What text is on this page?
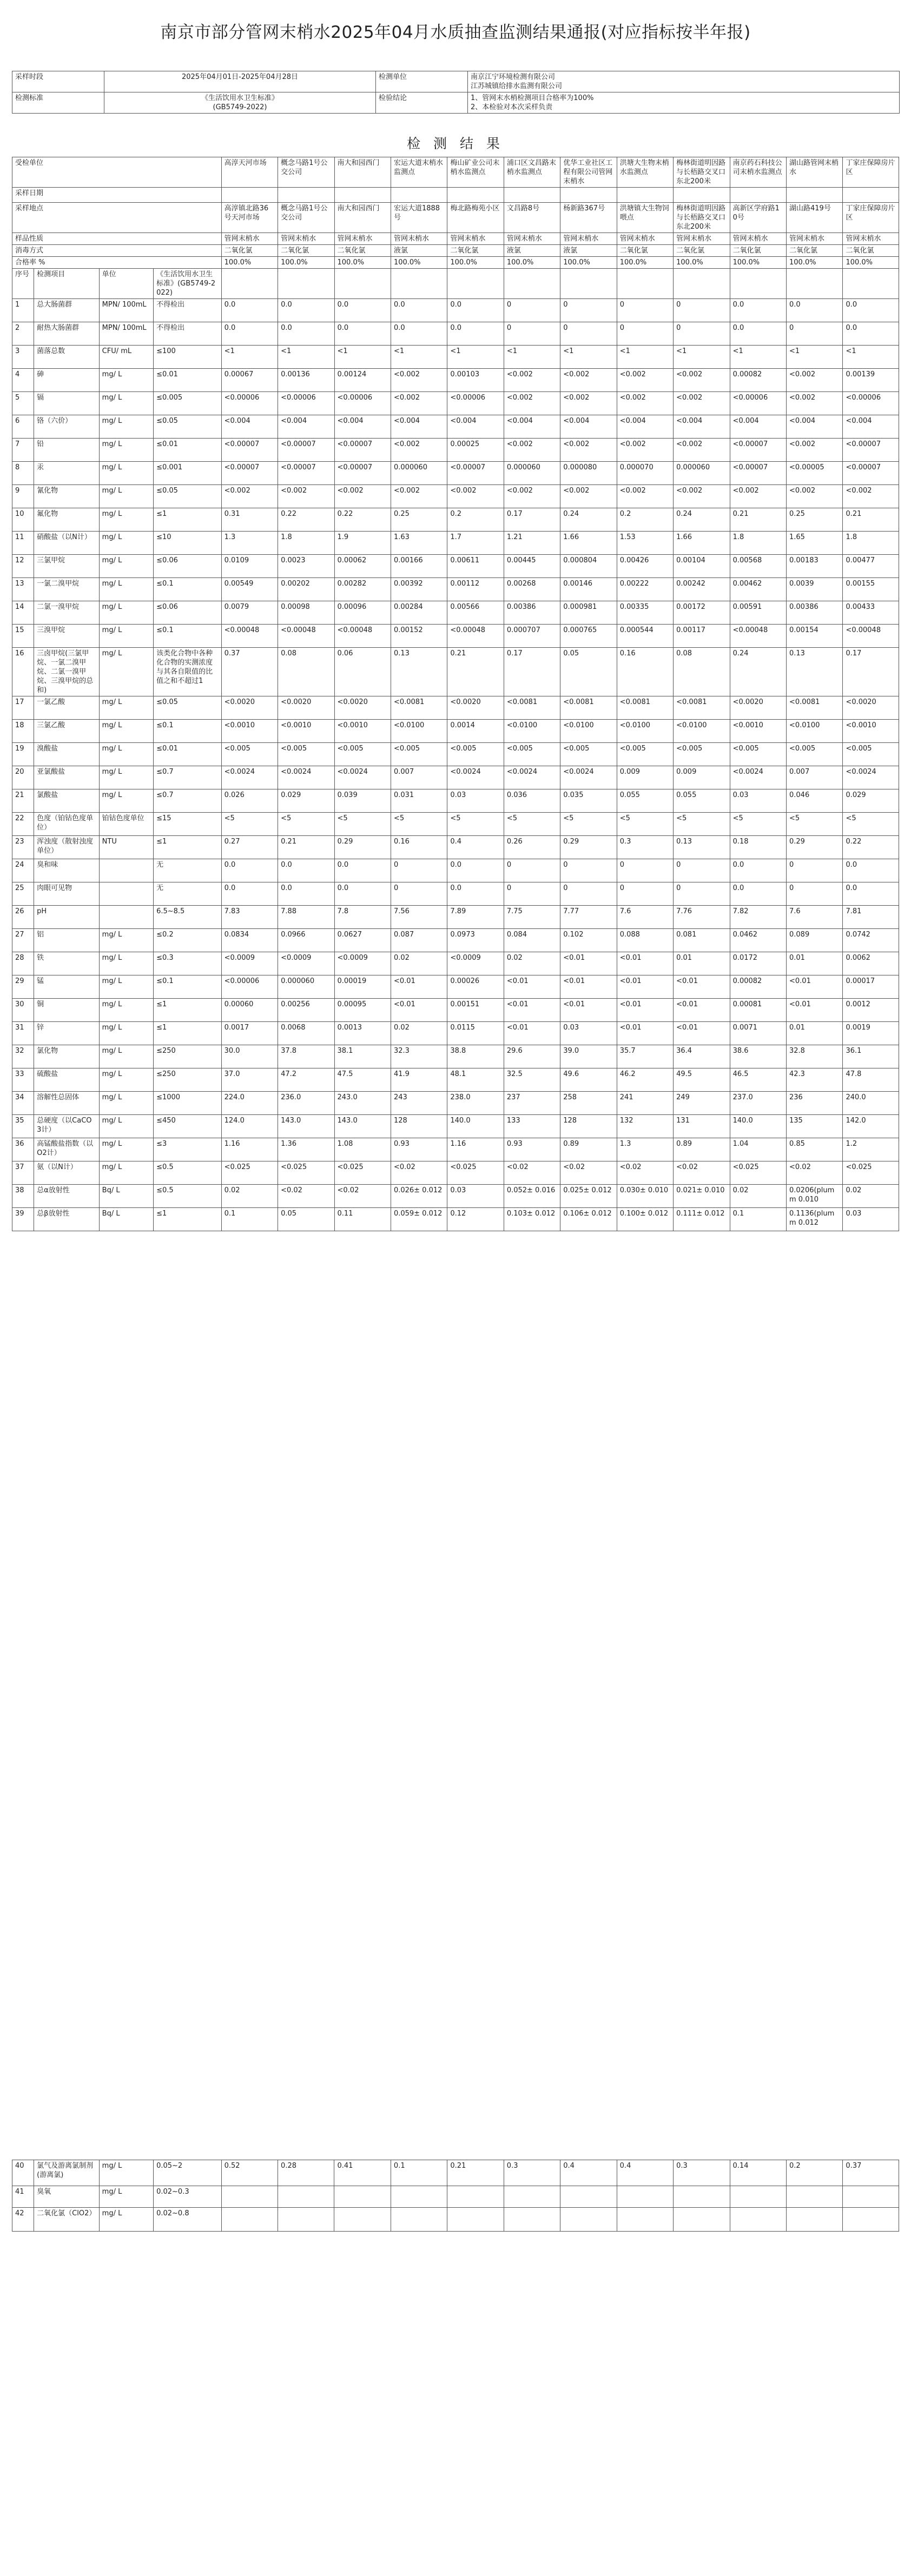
南京市部分管网末梢水2025年04月水质抽查监测结果通报(对应指标按半年报)
采样时段	2025年04月01日-2025年04月28日	检测单位	南京江宁环境检测有限公司
江苏城镇给排水监测有限公司
检测标准	《生活饮用水卫生标准》
(GB5749-2022)	检验结论	1、管网末水梢检测项目合格率为100%
2、本检验对本次采样负责
检 测 结 果
受检单位				高淳天河市场	概念马路1号公交公司	南大和园西门	宏运大道末梢水监测点	梅山矿业公司末梢水监测点	浦口区文昌路末梢水监测点	优华工业社区工程有限公司管网末梢水	洪塘大生物末梢水监测点	梅林街道明因路与长梧路交叉口东北200米	南京药石科技公司末梢水监测点	湖山路管网末梢水	丁家庄保障房片区
采样日期															
采样地点				高淳镇北路36号天河市场	概念马路1号公交公司	南大和园西门	宏运大道1888号	梅北路梅苑小区	文昌路8号	杨新路367号	洪塘镇大生物饲喂点	梅林街道明因路与长梧路交叉口东北200米	高新区学府路10号	湖山路419号	丁家庄保障房片区
样品性质				管网末梢水	管网末梢水	管网末梢水	管网末梢水	管网末梢水	管网末梢水	管网末梢水	管网末梢水	管网末梢水	管网末梢水	管网末梢水	管网末梢水
消毒方式				二氧化氯	二氧化氯	二氧化氯	液氯	二氧化氯	液氯	液氯	二氧化氯	二氧化氯	二氧化氯	二氧化氯	二氧化氯
合格率 %				100.0%	100.0%	100.0%	100.0%	100.0%	100.0%	100.0%	100.0%	100.0%	100.0%	100.0%	100.0%
序号	检测项目	单位	《生活饮用水卫生标准》(GB5749-2022)												
1	总大肠菌群	MPN/ 100mL	不得检出	0.0	0.0	0.0	0.0	0.0	0	0	0	0	0.0	0.0	0.0
2	耐热大肠菌群	MPN/ 100mL	不得检出	0.0	0.0	0.0	0.0	0.0	0	0	0	0	0.0	0	0.0
3	菌落总数	CFU/ mL	≤100	<1	<1	<1	<1	<1	<1	<1	<1	<1	<1	<1	<1
4	砷	mg/ L	≤0.01	0.00067	0.00136	0.00124	<0.002	0.00103	<0.002	<0.002	<0.002	<0.002	0.00082	<0.002	0.00139
5	镉	mg/ L	≤0.005	<0.00006	<0.00006	<0.00006	<0.002	<0.00006	<0.002	<0.002	<0.002	<0.002	<0.00006	<0.002	<0.00006
6	铬（六价）	mg/ L	≤0.05	<0.004	<0.004	<0.004	<0.004	<0.004	<0.004	<0.004	<0.004	<0.004	<0.004	<0.004	<0.004
7	铅	mg/ L	≤0.01	<0.00007	<0.00007	<0.00007	<0.002	0.00025	<0.002	<0.002	<0.002	<0.002	<0.00007	<0.002	<0.00007
8	汞	mg/ L	≤0.001	<0.00007	<0.00007	<0.00007	0.000060	<0.00007	0.000060	0.000080	0.000070	0.000060	<0.00007	<0.00005	<0.00007
9	氰化物	mg/ L	≤0.05	<0.002	<0.002	<0.002	<0.002	<0.002	<0.002	<0.002	<0.002	<0.002	<0.002	<0.002	<0.002
10	氟化物	mg/ L	≤1	0.31	0.22	0.22	0.25	0.2	0.17	0.24	0.2	0.24	0.21	0.25	0.21
11	硝酸盐（以N计）	mg/ L	≤10	1.3	1.8	1.9	1.63	1.7	1.21	1.66	1.53	1.66	1.8	1.65	1.8
12	三氯甲烷	mg/ L	≤0.06	0.0109	0.0023	0.00062	0.00166	0.00611	0.00445	0.000804	0.00426	0.00104	0.00568	0.00183	0.00477
13	一氯二溴甲烷	mg/ L	≤0.1	0.00549	0.00202	0.00282	0.00392	0.00112	0.00268	0.00146	0.00222	0.00242	0.00462	0.0039	0.00155
14	二氯一溴甲烷	mg/ L	≤0.06	0.0079	0.00098	0.00096	0.00284	0.00566	0.00386	0.000981	0.00335	0.00172	0.00591	0.00386	0.00433
15	三溴甲烷	mg/ L	≤0.1	<0.00048	<0.00048	<0.00048	0.00152	<0.00048	0.000707	0.000765	0.000544	0.00117	<0.00048	0.00154	<0.00048
16	三卤甲烷(三氯甲烷、一氯二溴甲烷、二氯一溴甲烷、三溴甲烷的总和)	mg/ L	该类化合物中各种化合物的实测浓度与其各自限值的比值之和不超过1	0.37	0.08	0.06	0.13	0.21	0.17	0.05	0.16	0.08	0.24	0.13	0.17
17	一氯乙酸	mg/ L	≤0.05	<0.0020	<0.0020	<0.0020	<0.0081	<0.0020	<0.0081	<0.0081	<0.0081	<0.0081	<0.0020	<0.0081	<0.0020
18	三氯乙酸	mg/ L	≤0.1	<0.0010	<0.0010	<0.0010	<0.0100	0.0014	<0.0100	<0.0100	<0.0100	<0.0100	<0.0010	<0.0100	<0.0010
19	溴酸盐	mg/ L	≤0.01	<0.005	<0.005	<0.005	<0.005	<0.005	<0.005	<0.005	<0.005	<0.005	<0.005	<0.005	<0.005
20	亚氯酸盐	mg/ L	≤0.7	<0.0024	<0.0024	<0.0024	0.007	<0.0024	<0.0024	<0.0024	0.009	0.009	<0.0024	0.007	<0.0024
21	氯酸盐	mg/ L	≤0.7	0.026	0.029	0.039	0.031	0.03	0.036	0.035	0.055	0.055	0.03	0.046	0.029
22	色度（铂钴色度单位）	铂钴色度单位	≤15	<5	<5	<5	<5	<5	<5	<5	<5	<5	<5	<5	<5
23	浑浊度（散射浊度单位）	NTU	≤1	0.27	0.21	0.29	0.16	0.4	0.26	0.29	0.3	0.13	0.18	0.29	0.22
24	臭和味		无	0.0	0.0	0.0	0	0.0	0	0	0	0	0.0	0	0.0
25	肉眼可见物		无	0.0	0.0	0.0	0	0.0	0	0	0	0	0.0	0	0.0
26	pH		6.5~8.5	7.83	7.88	7.8	7.56	7.89	7.75	7.77	7.6	7.76	7.82	7.6	7.81
27	铝	mg/ L	≤0.2	0.0834	0.0966	0.0627	0.087	0.0973	0.084	0.102	0.088	0.081	0.0462	0.089	0.0742
28	铁	mg/ L	≤0.3	<0.0009	<0.0009	<0.0009	0.02	<0.0009	0.02	<0.01	<0.01	0.01	0.0172	0.01	0.0062
29	锰	mg/ L	≤0.1	<0.00006	0.000060	0.00019	<0.01	0.00026	<0.01	<0.01	<0.01	<0.01	0.00082	<0.01	0.00017
30	铜	mg/ L	≤1	0.00060	0.00256	0.00095	<0.01	0.00151	<0.01	<0.01	<0.01	<0.01	0.00081	<0.01	0.0012
31	锌	mg/ L	≤1	0.0017	0.0068	0.0013	0.02	0.0115	<0.01	0.03	<0.01	<0.01	0.0071	0.01	0.0019
32	氯化物	mg/ L	≤250	30.0	37.8	38.1	32.3	38.8	29.6	39.0	35.7	36.4	38.6	32.8	36.1
33	硫酸盐	mg/ L	≤250	37.0	47.2	47.5	41.9	48.1	32.5	49.6	46.2	49.5	46.5	42.3	47.8
34	溶解性总固体	mg/ L	≤1000	224.0	236.0	243.0	243	238.0	237	258	241	249	237.0	236	240.0
35	总硬度（以CaCO3计）	mg/ L	≤450	124.0	143.0	143.0	128	140.0	133	128	132	131	140.0	135	142.0
36	高锰酸盐指数（以O2计）	mg/ L	≤3	1.16	1.36	1.08	0.93	1.16	0.93	0.89	1.3	0.89	1.04	0.85	1.2
37	氨（以N计）	mg/ L	≤0.5	<0.025	<0.025	<0.025	<0.02	<0.025	<0.02	<0.02	<0.02	<0.02	<0.025	<0.02	<0.025
38	总α放射性	Bq/ L	≤0.5	0.02	<0.02	<0.02	0.026± 0.012	0.03	0.052± 0.016	0.025± 0.012	0.030± 0.010	0.021± 0.010	0.02	0.0206(plumm 0.010	0.02
39	总β放射性	Bq/ L	≤1	0.1	0.05	0.11	0.059± 0.012	0.12	0.103± 0.012	0.106± 0.012	0.100± 0.012	0.111± 0.012	0.1	0.1136(plumm 0.012	0.03
40	氯气及游离氯制剂(游离氯)	mg/ L	0.05~2	0.52	0.28	0.41	0.1	0.21	0.3	0.4	0.4	0.3	0.14	0.2	0.37
41	臭氧	mg/ L	0.02~0.3												
42	二氧化氯（ClO2）	mg/ L	0.02~0.8												
